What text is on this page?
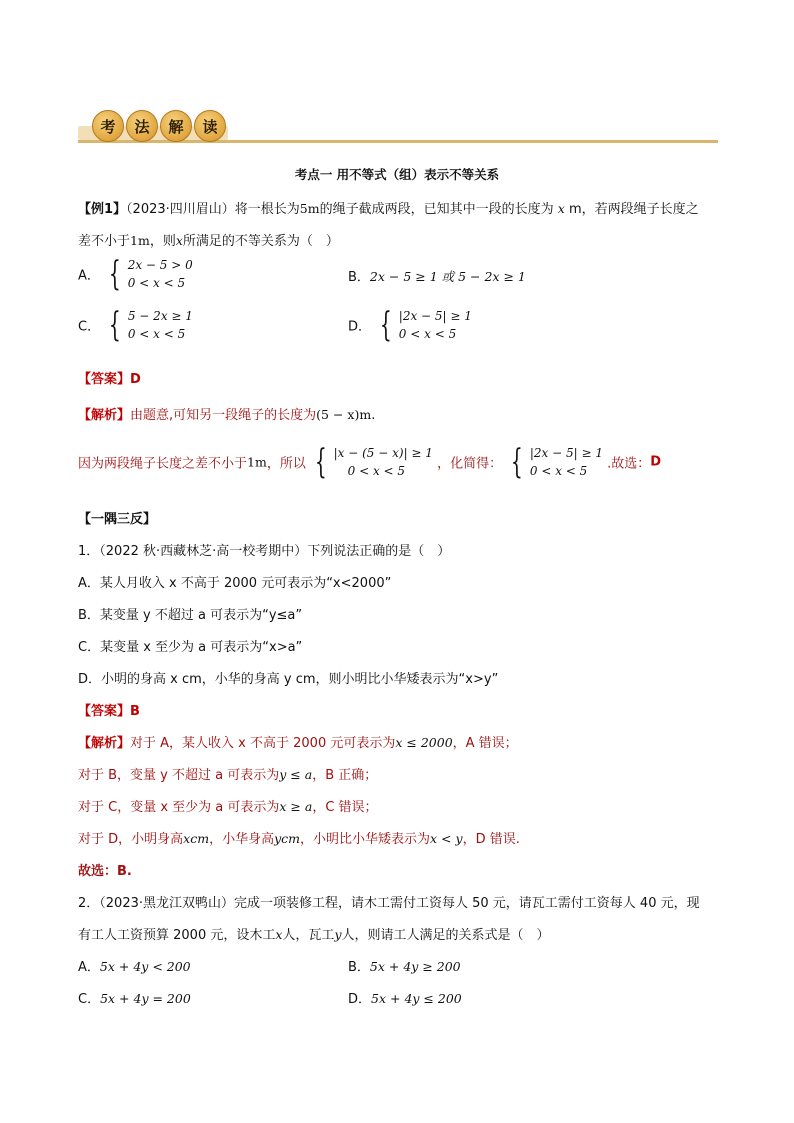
考	法	解	读
考点一 用不等式（组）表示不等关系
【例1】（2023·四川眉山）将一根长为5m的绳子截成两段，已知其中一段的长度为 x m，若两段绳子长度之
差不小于1m，则x所满足的不等关系为（　）
A． { 2x − 5 > 0
0 < x < 5	B．2x − 5 ≥ 1 或 5 − 2x ≥ 1
C． { 5 − 2x ≥ 1
0 < x < 5	D． { |2x − 5| ≥ 1
0 < x < 5
【答案】D
【解析】由题意,可知另一段绳子的长度为(5 − x)m.
因为两段绳子长度之差不小于1m，所以 { |x − (5 − x)| ≥ 1
0 < x < 5	，化简得： { |2x − 5| ≥ 1
0 < x < 5	.故选：D
【一隅三反】
1．（2022 秋·西藏林芝·高一校考期中）下列说法正确的是（　）
A．某人月收入 x 不高于 2000 元可表示为“x<2000”
B．某变量 y 不超过 a 可表示为“y≤a”
C．某变量 x 至少为 a 可表示为“x>a”
D．小明的身高 x cm，小华的身高 y cm，则小明比小华矮表示为“x>y”
【答案】B
【解析】对于 A，某人收入 x 不高于 2000 元可表示为x ≤ 2000，A 错误；
对于 B，变量 y 不超过 a 可表示为y ≤ a，B 正确；
对于 C，变量 x 至少为 a 可表示为x ≥ a，C 错误；
对于 D，小明身高xcm，小华身高ycm，小明比小华矮表示为x < y，D 错误.
故选：B.
2．（2023·黑龙江双鸭山）完成一项装修工程，请木工需付工资每人 50 元，请瓦工需付工资每人 40 元，现
有工人工资预算 2000 元，设木工x人，瓦工y人，则请工人满足的关系式是（　）
A．5x + 4y < 200	B．5x + 4y ≥ 200
C．5x + 4y = 200	D．5x + 4y ≤ 200
